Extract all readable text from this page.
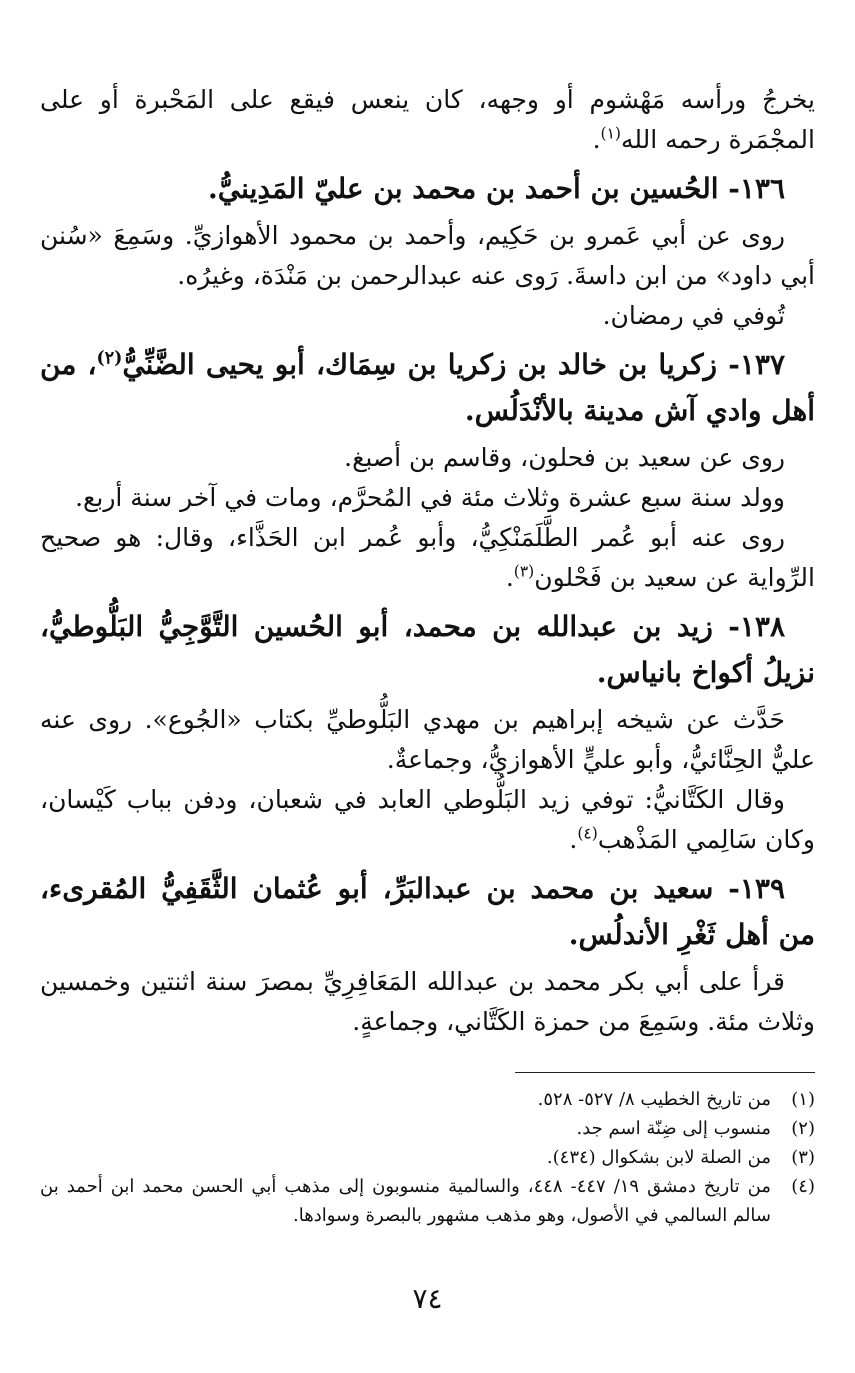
يخرجُ ورأسه مَهْشوم أو وجهه، كان ينعس فيقع على المَحْبرة أو على المجْمَرة رحمه الله$^{(١)}$.

١٣٦- الحُسين بن أحمد بن محمد بن عليّ المَدِينيُّ.

روى عن أبي عَمرو بن حَكِيم، وأحمد بن محمود الأهوازيِّ. وسَمِعَ «سُنن أبي داود» من ابن داسةَ. رَوى عنه عبدالرحمن بن مَنْدَة، وغيرُه.

تُوفي في رمضان.

١٣٧- زكريا بن خالد بن زكريا بن سِمَاك، أبو يحيى الضَّنِّيُّ$^{(٢)}$، من أهل وادي آش مدينة بالأنْدَلُس.

روى عن سعيد بن فحلون، وقاسم بن أصبغ.

وولد سنة سبع عشرة وثلاث مئة في المُحرَّم، ومات في آخر سنة أربع.

روى عنه أبو عُمر الطَّلَمَنْكِيُّ، وأبو عُمر ابن الحَذَّاء، وقال: هو صحيح الرِّواية عن سعيد بن فَحْلون$^{(٣)}$.

١٣٨- زيد بن عبدالله بن محمد، أبو الحُسين التَّوَّجِيُّ البَلُّوطيُّ، نزيلُ أكواخ بانياس.

حَدَّث عن شيخه إبراهيم بن مهدي البَلُّوطيِّ بكتاب «الجُوع». روى عنه عليٌّ الحِنَّائيُّ، وأبو عليٍّ الأهوازيُّ، وجماعةٌ.

وقال الكَتَّانيُّ: توفي زيد البَلُّوطي العابد في شعبان، ودفن بباب كَيْسان، وكان سَالِمي المَذْهب$^{(٤)}$.

١٣٩- سعيد بن محمد بن عبدالبَرِّ، أبو عُثمان الثَّقَفِيُّ المُقرىء، من أهل ثَغْرِ الأندلُس.

قرأ على أبي بكر محمد بن عبدالله المَعَافِرِيِّ بمصرَ سنة اثنتين وخمسين وثلاث مئة. وسَمِعَ من حمزة الكَتَّاني، وجماعةٍ.

(١)
من تاريخ الخطيب ٨/ ٥٢٧- ٥٢٨.
(٢)
منسوب إلى ضِنّة اسم جد.
(٣)
من الصلة لابن بشكوال (٤٣٤).
(٤)
من تاريخ دمشق ١٩/ ٤٤٧- ٤٤٨، والسالمية منسوبون إلى مذهب أبي الحسن محمد ابن أحمد بن سالم السالمي في الأصول، وهو مذهب مشهور بالبصرة وسوادها.
٧٤
